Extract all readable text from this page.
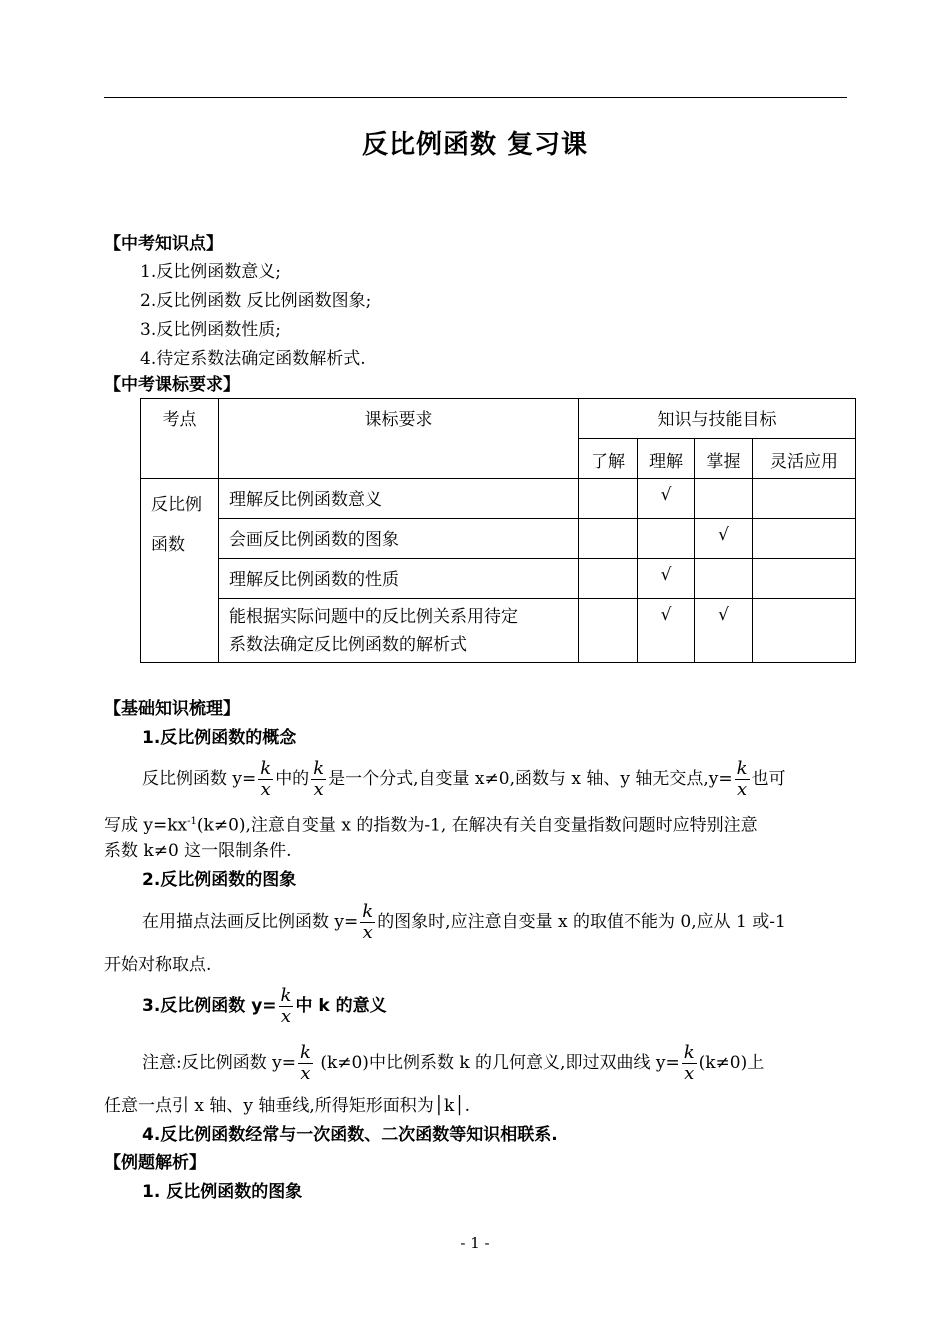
反比例函数 复习课
【中考知识点】
1.反比例函数意义;
2.反比例函数 反比例函数图象;
3.反比例函数性质;
4.待定系数法确定函数解析式.
【中考课标要求】
考点	课标要求	知识与技能目标			
		了解	理解	掌握	灵活应用
反比例
函数	理解反比例函数意义		√		
	会画反比例函数的图象			√	
	理解反比例函数的性质		√		
	能根据实际问题中的反比例关系用待定
系数法确定反比例函数的解析式		√	√	
【基础知识梳理】
1.反比例函数的概念
反比例函数 $y= \frac{k}{x}$ 中的 $\frac{k}{x}$ 是一个分式,自变量 x≠0,函数与 x 轴、y 轴无交点$,y= \frac{k}{x}$ 也可
写成 $y=kx^{-1}(k\ne 0)$,注意自变量 x 的指数为-1, 在解决有关自变量指数问题时应特别注意
系数 k≠0 这一限制条件.
2.反比例函数的图象
在用描点法画反比例函数 $y= \frac{k}{x}$ 的图象时,应注意自变量 x 的取值不能为 0,应从 1 或-1
开始对称取点.
3.反比例函数 $y= \frac{k}{x}$ 中 k 的意义
注意:反比例函数 $y= \frac{k}{x} (k\ne 0)$中比例系数 k 的几何意义,即过双曲线 $y= \frac{k}{x} (k\ne 0)$上
任意一点引 x 轴、y 轴垂线,所得矩形面积为│k│.
4.反比例函数经常与一次函数、二次函数等知识相联系.
【例题解析】
1. 反比例函数的图象
- 1 -
